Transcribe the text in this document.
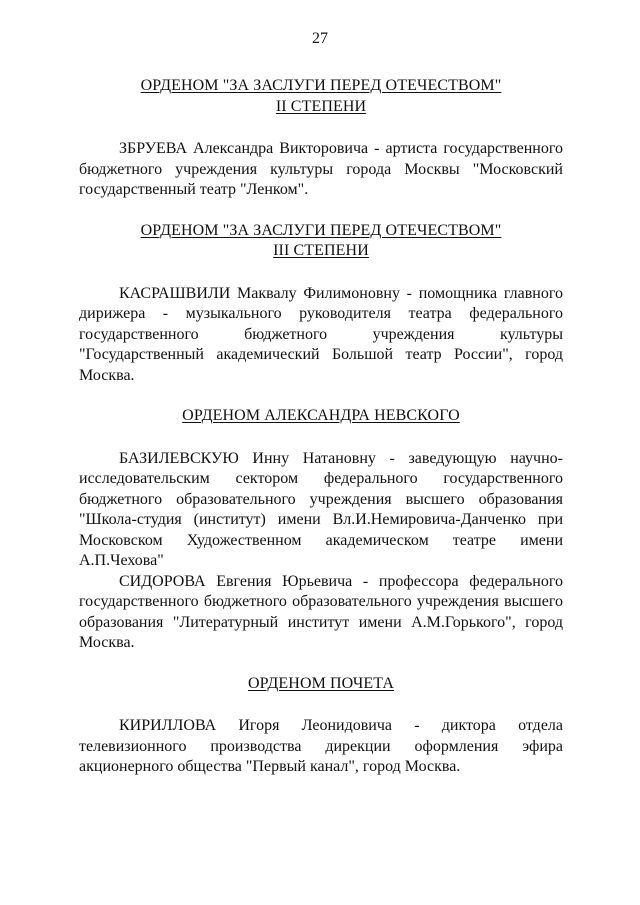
27
ОРДЕНОМ "ЗА ЗАСЛУГИ ПЕРЕД ОТЕЧЕСТВОМ"
II СТЕПЕНИ

ЗБРУЕВА Александра Викторовича - артиста государственного бюджетного учреждения культуры города Москвы "Московский государственный театр "Ленком".

ОРДЕНОМ "ЗА ЗАСЛУГИ ПЕРЕД ОТЕЧЕСТВОМ"
III СТЕПЕНИ

КАСРАШВИЛИ Маквалу Филимоновну - помощника главного дирижера - музыкального руководителя театра федерального государственного бюджетного учреждения культуры "Государственный академический Большой театр России", город Москва.

ОРДЕНОМ АЛЕКСАНДРА НЕВСКОГО

БАЗИЛЕВСКУЮ Инну Натановну - заведующую научно-исследовательским сектором федерального государственного бюджетного образовательного учреждения высшего образования "Школа-студия (институт) имени Вл.И.Немировича-Данченко при Московском Художественном академическом театре имени А.П.Чехова"

СИДОРОВА Евгения Юрьевича - профессора федерального государственного бюджетного образовательного учреждения высшего образования "Литературный институт имени А.М.Горького", город Москва.

ОРДЕНОМ ПОЧЕТА

КИРИЛЛОВА Игоря Леонидовича - диктора отдела телевизионного производства дирекции оформления эфира акционерного общества "Первый канал", город Москва.
